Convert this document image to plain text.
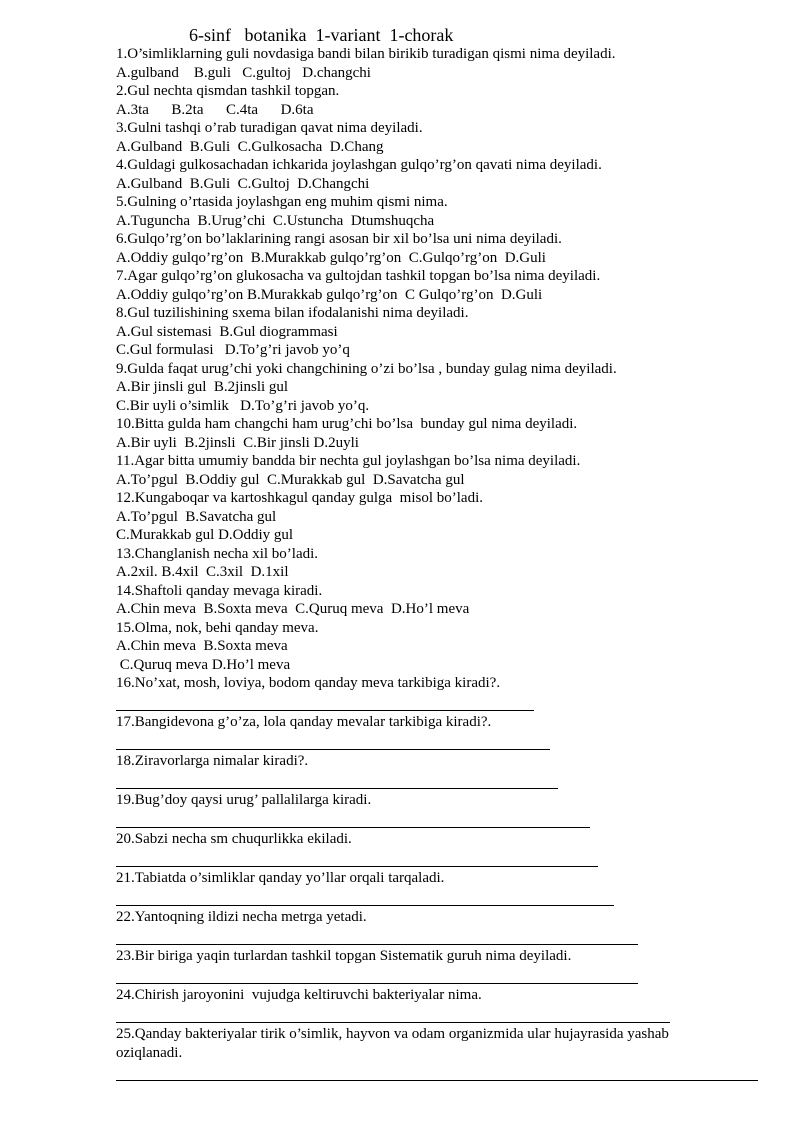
6-sinf   botanika  1-variant  1-chorak
1.O’simliklarning guli novdasiga bandi bilan birikib turadigan qismi nima deyiladi.
A.gulband    B.guli   C.gultoj   D.changchi
2.Gul nechta qismdan tashkil topgan.
A.3ta      B.2ta      C.4ta      D.6ta
3.Gulni tashqi o’rab turadigan qavat nima deyiladi.
A.Gulband  B.Guli  C.Gulkosacha  D.Chang
4.Guldagi gulkosachadan ichkarida joylashgan gulqo’rg’on qavati nima deyiladi.
A.Gulband  B.Guli  C.Gultoj  D.Changchi
5.Gulning o’rtasida joylashgan eng muhim qismi nima.
A.Tuguncha  B.Urug’chi  C.Ustuncha  Dtumshuqcha
6.Gulqo’rg’on bo’laklarining rangi asosan bir xil bo’lsa uni nima deyiladi.
A.Oddiy gulqo’rg’on  B.Murakkab gulqo’rg’on  C.Gulqo’rg’on  D.Guli
7.Agar gulqo’rg’on glukosacha va gultojdan tashkil topgan bo’lsa nima deyiladi.
A.Oddiy gulqo’rg’on B.Murakkab gulqo’rg’on  C Gulqo’rg’on  D.Guli
8.Gul tuzilishining sxema bilan ifodalanishi nima deyiladi.
A.Gul sistemasi  B.Gul diogrammasi
C.Gul formulasi   D.To’g’ri javob yo’q
9.Gulda faqat urug’chi yoki changchining o’zi bo’lsa , bunday gulag nima deyiladi.
A.Bir jinsli gul  B.2jinsli gul
C.Bir uyli o’simlik   D.To’g’ri javob yo’q.
10.Bitta gulda ham changchi ham urug’chi bo’lsa  bunday gul nima deyiladi.
A.Bir uyli  B.2jinsli  C.Bir jinsli D.2uyli
11.Agar bitta umumiy bandda bir nechta gul joylashgan bo’lsa nima deyiladi.
A.To’pgul  B.Oddiy gul  C.Murakkab gul  D.Savatcha gul
12.Kungaboqar va kartoshkagul qanday gulga  misol bo’ladi.
A.To’pgul  B.Savatcha gul
C.Murakkab gul D.Oddiy gul
13.Changlanish necha xil bo’ladi.
A.2xil. B.4xil  C.3xil  D.1xil
14.Shaftoli qanday mevaga kiradi.
A.Chin meva  B.Soxta meva  C.Quruq meva  D.Ho’l meva
15.Olma, nok, behi qanday meva.
A.Chin meva  B.Soxta meva
C.Quruq meva D.Ho’l meva
16.No’xat, mosh, loviya, bodom qanday meva tarkibiga kiradi?.
17.Bangidevona g’o’za, lola qanday mevalar tarkibiga kiradi?.
18.Ziravorlarga nimalar kiradi?.
19.Bug’doy qaysi urug’ pallalilarga kiradi.
20.Sabzi necha sm chuqurlikka ekiladi.
21.Tabiatda o’simliklar qanday yo’llar orqali tarqaladi.
22.Yantoqning ildizi necha metrga yetadi.
23.Bir biriga yaqin turlardan tashkil topgan Sistematik guruh nima deyiladi.
24.Chirish jaroyonini  vujudga keltiruvchi bakteriyalar nima.
25.Qanday bakteriyalar tirik o’simlik, hayvon va odam organizmida ular hujayrasida yashab oziqlanadi.
